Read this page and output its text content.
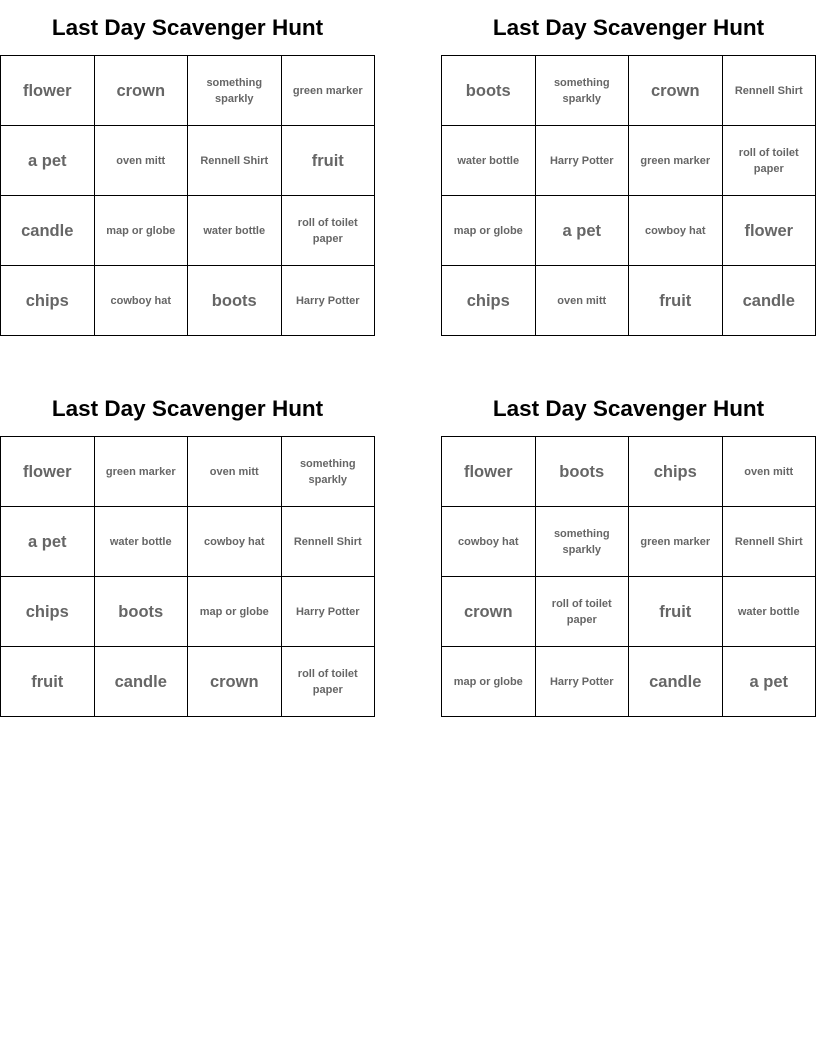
Last Day Scavenger Hunt
flower	crown	something sparkly	green marker
a pet	oven mitt	Rennell Shirt	fruit
candle	map or globe	water bottle	roll of toilet paper
chips	cowboy hat	boots	Harry Potter
Last Day Scavenger Hunt
boots	something sparkly	crown	Rennell Shirt
water bottle	Harry Potter	green marker	roll of toilet paper
map or globe	a pet	cowboy hat	flower
chips	oven mitt	fruit	candle
Last Day Scavenger Hunt
flower	green marker	oven mitt	something sparkly
a pet	water bottle	cowboy hat	Rennell Shirt
chips	boots	map or globe	Harry Potter
fruit	candle	crown	roll of toilet paper
Last Day Scavenger Hunt
flower	boots	chips	oven mitt
cowboy hat	something sparkly	green marker	Rennell Shirt
crown	roll of toilet paper	fruit	water bottle
map or globe	Harry Potter	candle	a pet
